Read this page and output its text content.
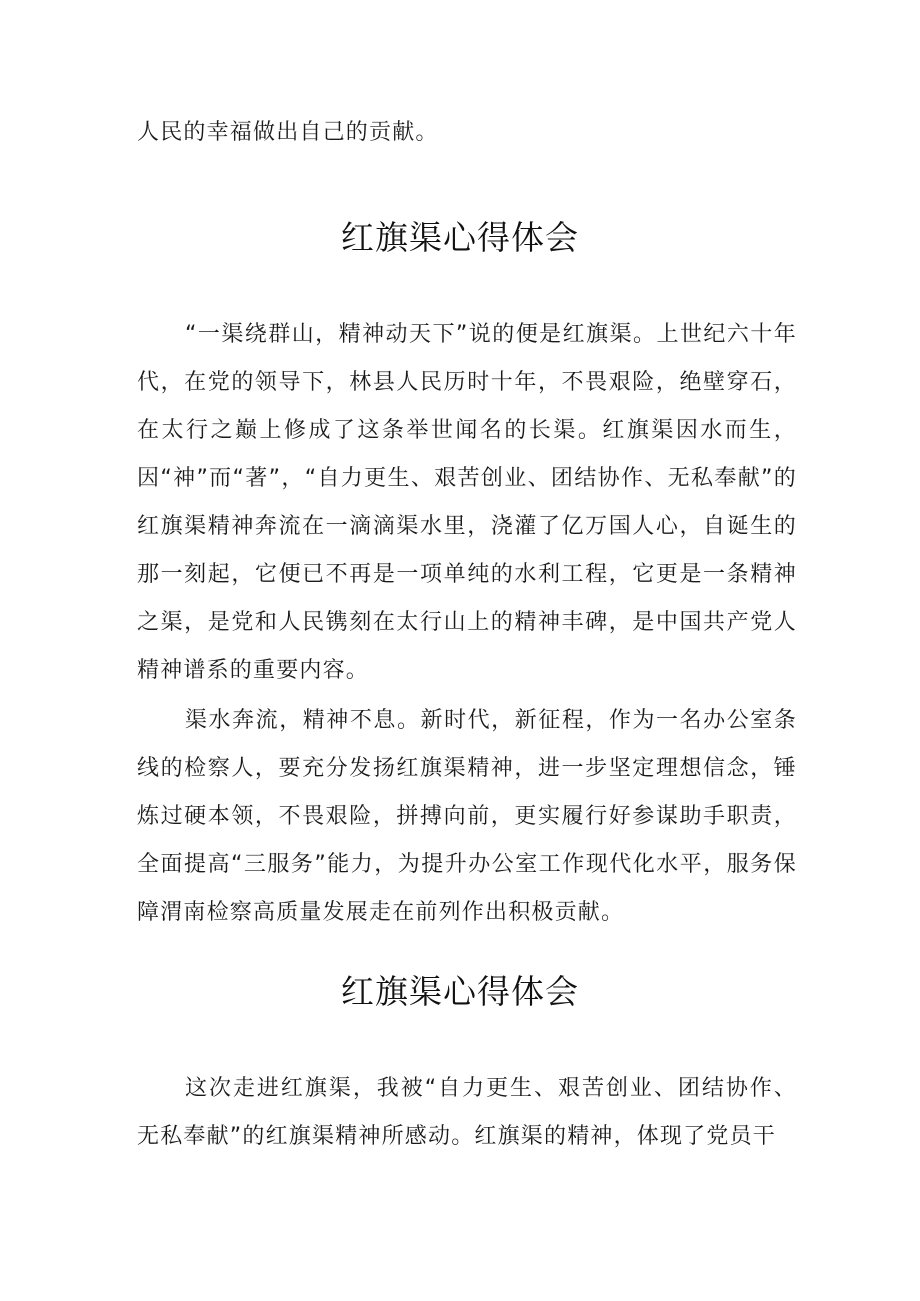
人民的幸福做出自己的贡献。

红旗渠心得体会

“一渠绕群山，精神动天下”说的便是红旗渠。上世纪六十年代，在党的领导下，林县人民历时十年，不畏艰险，绝壁穿石，在太行之巅上修成了这条举世闻名的长渠。红旗渠因水而生，因“神”而“著”，“自力更生、艰苦创业、团结协作、无私奉献”的红旗渠精神奔流在一滴滴渠水里，浇灌了亿万国人心，自诞生的那一刻起，它便已不再是一项单纯的水利工程，它更是一条精神之渠，是党和人民镌刻在太行山上的精神丰碑，是中国共产党人精神谱系的重要内容。

渠水奔流，精神不息。新时代，新征程，作为一名办公室条线的检察人，要充分发扬红旗渠精神，进一步坚定理想信念，锤炼过硬本领，不畏艰险，拼搏向前，更实履行好参谋助手职责，全面提高“三服务”能力，为提升办公室工作现代化水平，服务保障渭南检察高质量发展走在前列作出积极贡献。

红旗渠心得体会

这次走进红旗渠，我被“自力更生、艰苦创业、团结协作、无私奉献”的红旗渠精神所感动。红旗渠的精神，体现了党员干
